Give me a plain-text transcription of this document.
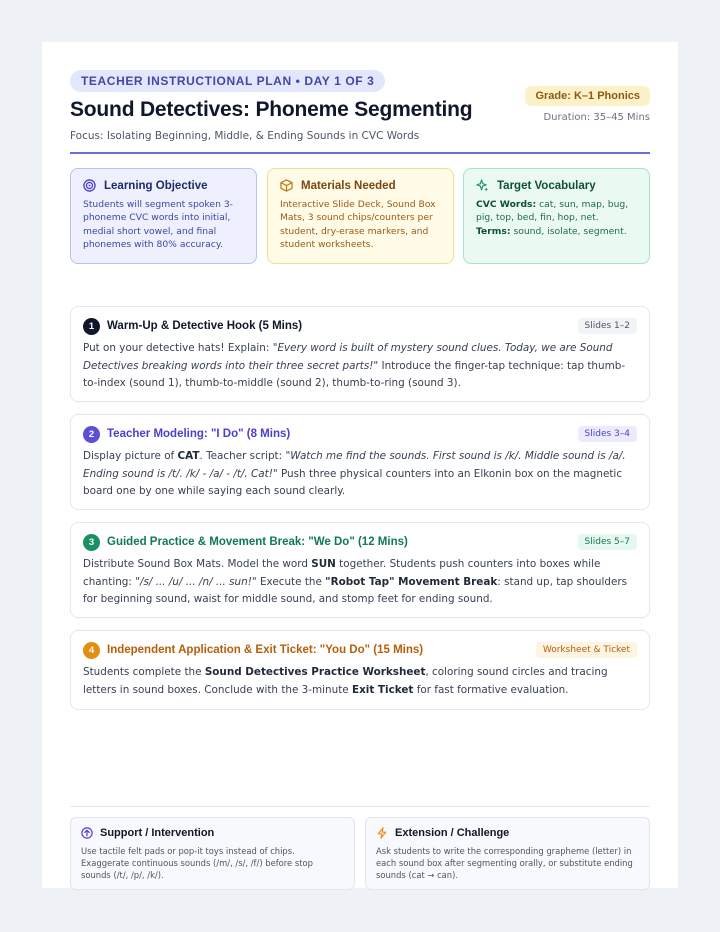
TEACHER INSTRUCTIONAL PLAN • DAY 1 OF 3
Sound Detectives: Phoneme Segmenting
Focus: Isolating Beginning, Middle, & Ending Sounds in CVC Words
Grade: K–1 Phonics
Duration: 35–45 Mins
Learning Objective
Students will segment spoken 3-phoneme CVC words into initial, medial short vowel, and final phonemes with 80% accuracy.
Materials Needed
Interactive Slide Deck, Sound Box Mats, 3 sound chips/counters per student, dry-erase markers, and student worksheets.
Target Vocabulary
CVC Words: cat, sun, map, bug, pig, top, bed, fin, hop, net.
Terms: sound, isolate, segment.
1	Warm-Up & Detective Hook (5 Mins)	Slides 1–2
Put on your detective hats! Explain: "Every word is built of mystery sound clues. Today, we are Sound Detectives breaking words into their three secret parts!" Introduce the finger-tap technique: tap thumb-to-index (sound 1), thumb-to-middle (sound 2), thumb-to-ring (sound 3).
2	Teacher Modeling: "I Do" (8 Mins)	Slides 3–4
Display picture of CAT. Teacher script: "Watch me find the sounds. First sound is /k/. Middle sound is /a/. Ending sound is /t/. /k/ - /a/ - /t/. Cat!" Push three physical counters into an Elkonin box on the magnetic board one by one while saying each sound clearly.
3	Guided Practice & Movement Break: "We Do" (12 Mins)	Slides 5–7
Distribute Sound Box Mats. Model the word SUN together. Students push counters into boxes while chanting: "/s/ ... /u/ ... /n/ ... sun!" Execute the "Robot Tap" Movement Break: stand up, tap shoulders for beginning sound, waist for middle sound, and stomp feet for ending sound.
4	Independent Application & Exit Ticket: "You Do" (15 Mins)	Worksheet & Ticket
Students complete the Sound Detectives Practice Worksheet, coloring sound circles and tracing letters in sound boxes. Conclude with the 3-minute Exit Ticket for fast formative evaluation.
Support / Intervention
Use tactile felt pads or pop-it toys instead of chips. Exaggerate continuous sounds (/m/, /s/, /f/) before stop sounds (/t/, /p/, /k/).
Extension / Challenge
Ask students to write the corresponding grapheme (letter) in each sound box after segmenting orally, or substitute ending sounds (cat → can).
